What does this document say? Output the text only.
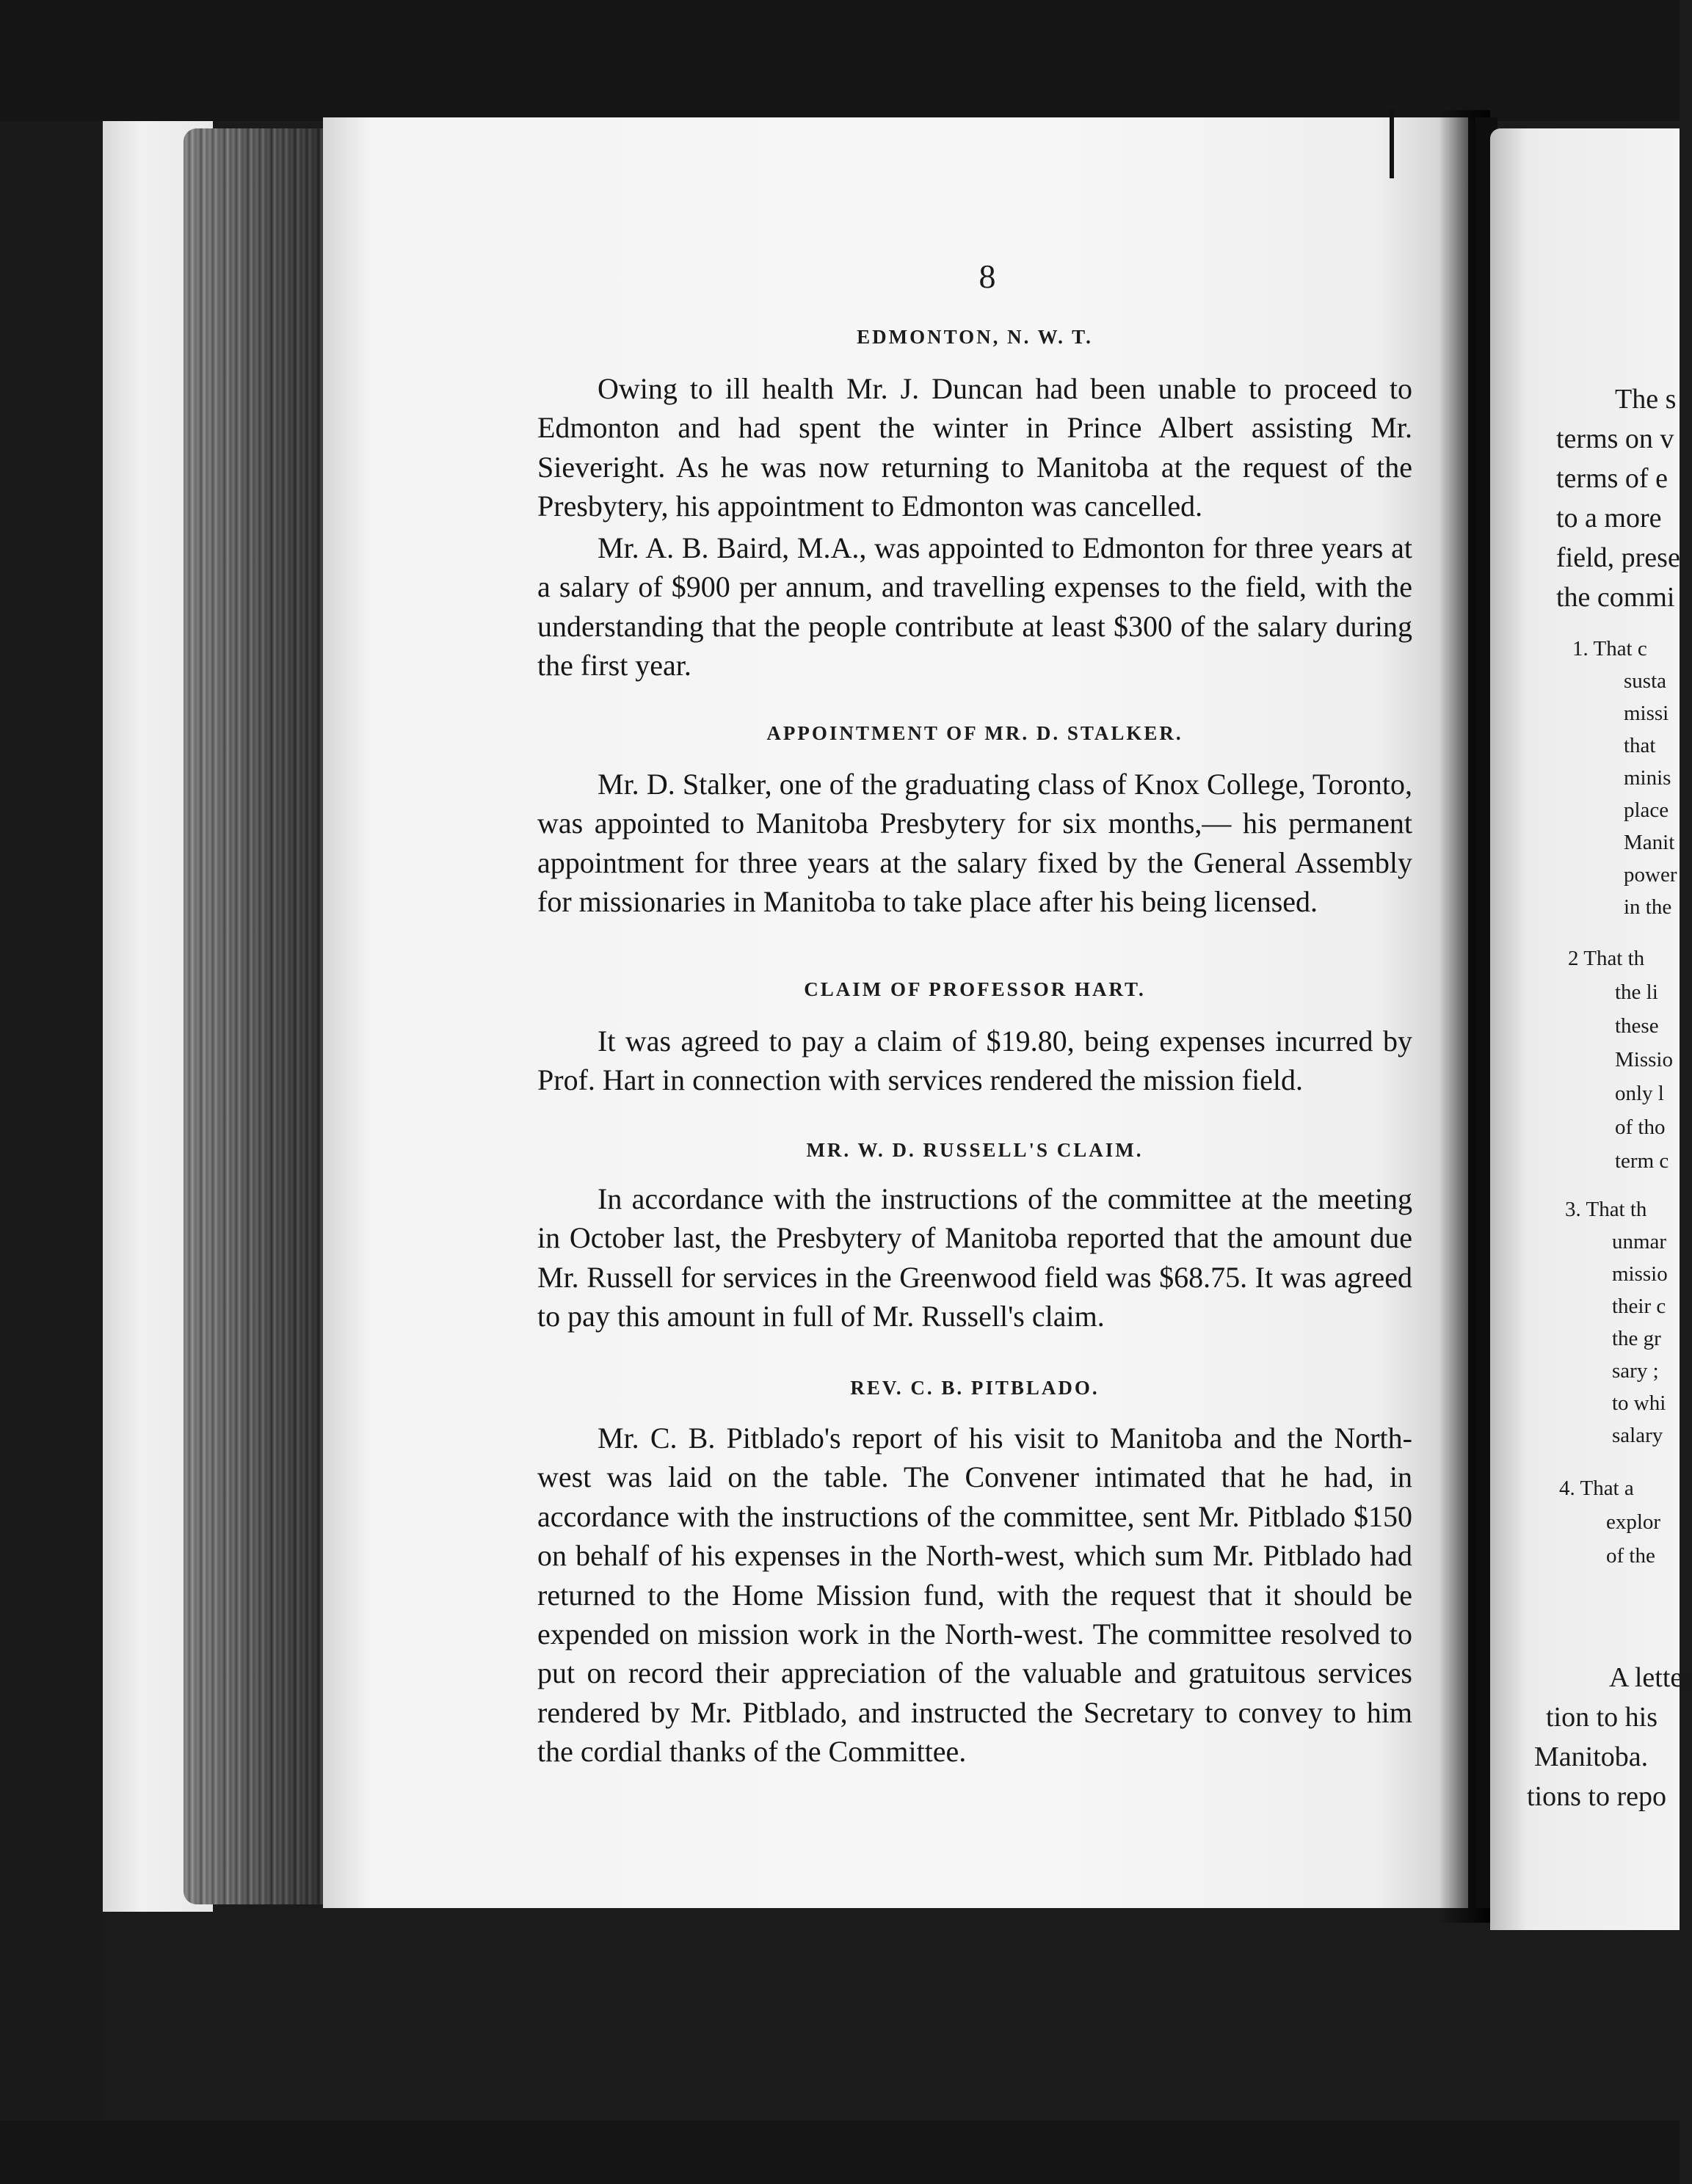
8
EDMONTON, N. W. T.
Owing to ill health Mr. J. Duncan had been unable to proceed to Edmonton and had spent the winter in Prince Albert assisting Mr. Sieveright. As he was now returning to Manitoba at the request of the Presbytery, his appointment to Edmonton was cancelled.
Mr. A. B. Baird, M.A., was appointed to Edmonton for three years at a salary of $900 per annum, and travelling expenses to the field, with the understanding that the people contribute at least $300 of the salary during the first year.
APPOINTMENT OF MR. D. STALKER.
Mr. D. Stalker, one of the graduating class of Knox College, Toronto, was appointed to Manitoba Presbytery for six months,— his permanent appointment for three years at the salary fixed by the General Assembly for missionaries in Manitoba to take place after his being licensed.
CLAIM OF PROFESSOR HART.
It was agreed to pay a claim of $19.80, being expenses incurred by Prof. Hart in connection with services rendered the mission field.
MR. W. D. RUSSELL'S CLAIM.
In accordance with the instructions of the committee at the meeting in October last, the Presbytery of Manitoba reported that the amount due Mr. Russell for services in the Greenwood field was $68.75. It was agreed to pay this amount in full of Mr. Russell's claim.
REV. C. B. PITBLADO.
Mr. C. B. Pitblado's report of his visit to Manitoba and the North-west was laid on the table. The Convener intimated that he had, in accordance with the instructions of the committee, sent Mr. Pitblado $150 on behalf of his expenses in the North-west, which sum Mr. Pitblado had returned to the Home Mission fund, with the request that it should be expended on mission work in the North-west. The committee resolved to put on record their appreciation of the valuable and gratuitous services rendered by Mr. Pitblado, and instructed the Secretary to convey to him the cordial thanks of the Committee.
The s
terms on v
terms of e
to a more
field, prese
the commi
1. That c
susta
missi
that
minis
place
Manit
power
in the
2 That th
the li
these
Missio
only l
of tho
term c
3. That th
unmar
missio
their c
the gr
sary ;
to whi
salary
4. That a
explor
of the
A letter
tion to his
Manitoba.
tions to repo
